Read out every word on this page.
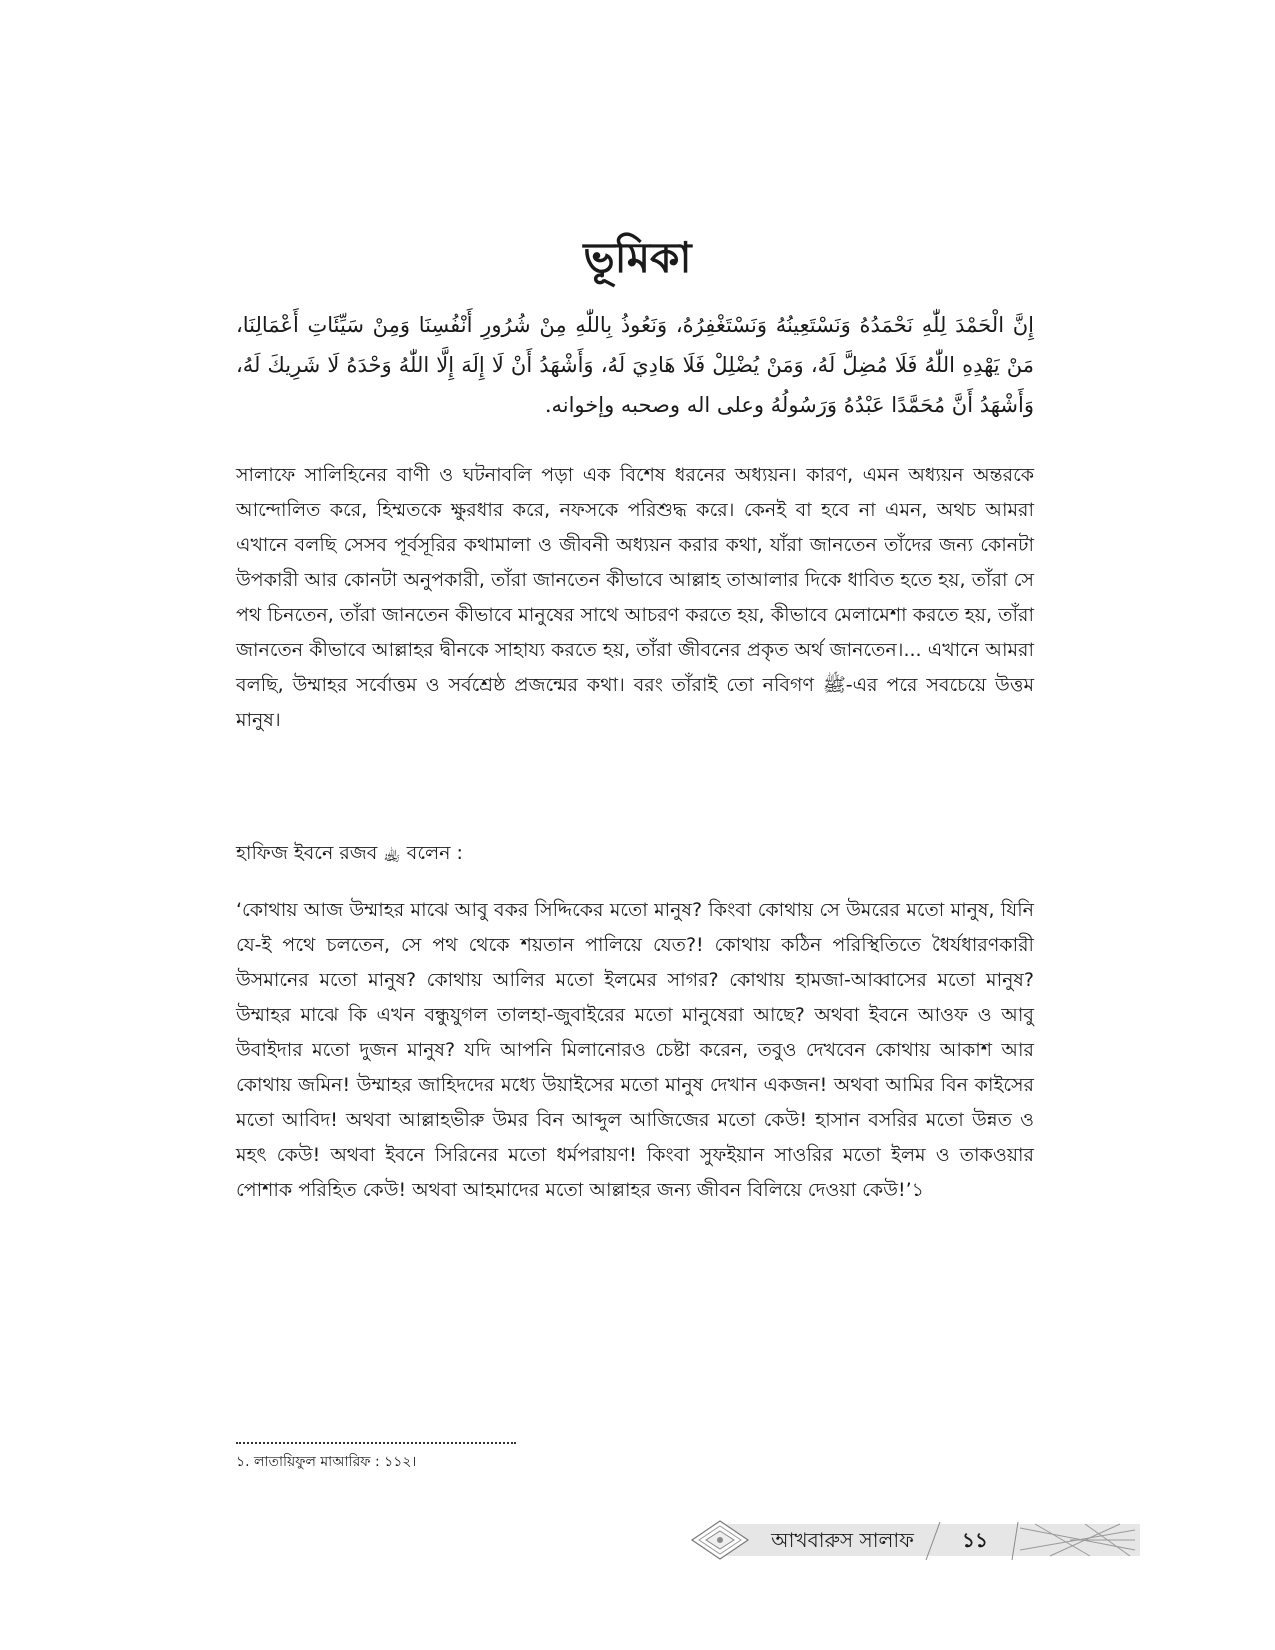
ভূমিকা

إِنَّ الْحَمْدَ لِلّٰهِ نَحْمَدُهُ وَنَسْتَعِينُهُ وَنَسْتَغْفِرُهُ، وَنَعُوذُ بِاللّٰهِ مِنْ شُرُورِ أَنْفُسِنَا وَمِنْ سَيِّئَاتِ أَعْمَالِنَا، مَنْ يَهْدِهِ اللّٰهُ فَلَا مُضِلَّ لَهُ، وَمَنْ يُضْلِلْ فَلَا هَادِيَ لَهُ، وَأَشْهَدُ أَنْ لَا إِلَهَ إِلَّا اللّٰهُ وَحْدَهُ لَا شَرِيكَ لَهُ، وَأَشْهَدُ أَنَّ مُحَمَّدًا عَبْدُهُ وَرَسُولُهُ وعلى اله وصحبه وإخوانه.

সালাফে সালিহিনের বাণী ও ঘটনাবলি পড়া এক বিশেষ ধরনের অধ্যয়ন। কারণ, এমন অধ্যয়ন অন্তরকে আন্দোলিত করে, হিম্মতকে ক্ষুরধার করে, নফসকে পরিশুদ্ধ করে। কেনই বা হবে না এমন, অথচ আমরা এখানে বলছি সেসব পূর্বসূরির কথামালা ও জীবনী অধ্যয়ন করার কথা, যাঁরা জানতেন তাঁদের জন্য কোনটা উপকারী আর কোনটা অনুপকারী, তাঁরা জানতেন কীভাবে আল্লাহ তাআলার দিকে ধাবিত হতে হয়, তাঁরা সে পথ চিনতেন, তাঁরা জানতেন কীভাবে মানুষের সাথে আচরণ করতে হয়, কীভাবে মেলামেশা করতে হয়, তাঁরা জানতেন কীভাবে আল্লাহর দ্বীনকে সাহায্য করতে হয়, তাঁরা জীবনের প্রকৃত অর্থ জানতেন।... এখানে আমরা বলছি, উম্মাহর সর্বোত্তম ও সর্বশ্রেষ্ঠ প্রজন্মের কথা। বরং তাঁরাই তো নবিগণ ﷺ-এর পরে সবচেয়ে উত্তম মানুষ।

হাফিজ ইবনে রজব ﵀ বলেন :

‘কোথায় আজ উম্মাহর মাঝে আবু বকর সিদ্দিকের মতো মানুষ? কিংবা কোথায় সে উমরের মতো মানুষ, যিনি যে-ই পথে চলতেন, সে পথ থেকে শয়তান পালিয়ে যেত?! কোথায় কঠিন পরিস্থিতিতে ধৈর্যধারণকারী উসমানের মতো মানুষ? কোথায় আলির মতো ইলমের সাগর? কোথায় হামজা-আব্বাসের মতো মানুষ? উম্মাহর মাঝে কি এখন বন্ধুযুগল তালহা-জুবাইরের মতো মানুষেরা আছে? অথবা ইবনে আওফ ও আবু উবাইদার মতো দুজন মানুষ? যদি আপনি মিলানোরও চেষ্টা করেন, তবুও দেখবেন কোথায় আকাশ আর কোথায় জমিন! উম্মাহর জাহিদদের মধ্যে উয়াইসের মতো মানুষ দেখান একজন! অথবা আমির বিন কাইসের মতো আবিদ! অথবা আল্লাহভীরু উমর বিন আব্দুল আজিজের মতো কেউ! হাসান বসরির মতো উন্নত ও মহৎ কেউ! অথবা ইবনে সিরিনের মতো ধর্মপরায়ণ! কিংবা সুফইয়ান সাওরির মতো ইলম ও তাকওয়ার পোশাক পরিহিত কেউ! অথবা আহমাদের মতো আল্লাহর জন্য জীবন বিলিয়ে দেওয়া কেউ!’১

১. লাতায়িফুল মাআরিফ : ১১২।

আখবারুস সালাফ	১১
